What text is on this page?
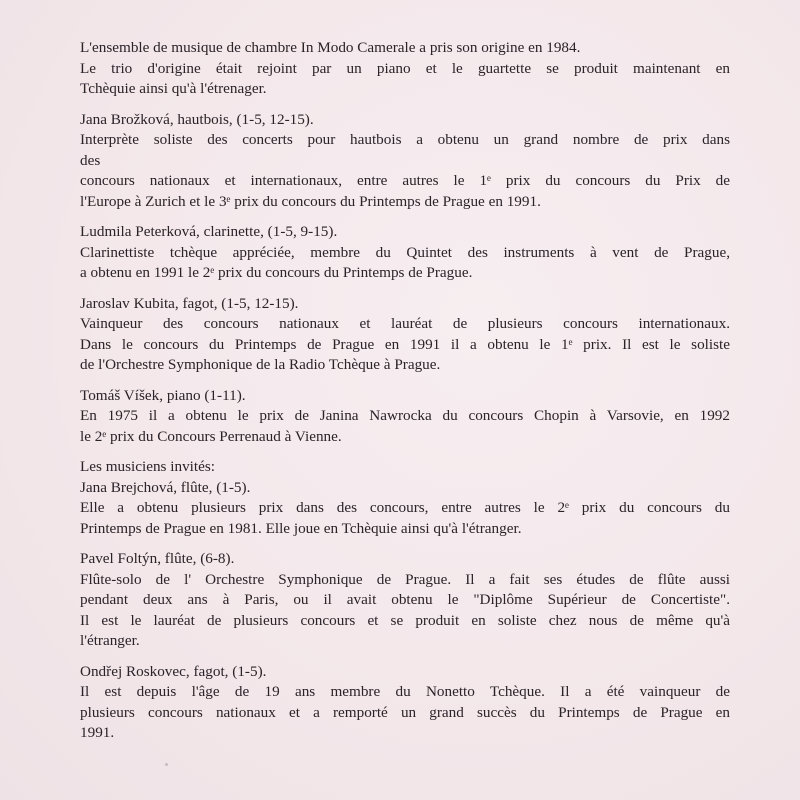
L'ensemble de musique de chambre In Modo Camerale a pris son origine en 1984.
Le trio d'origine était rejoint par un piano et le guartette se produit maintenant en
Tchèquie ainsi qu'à l'étrenager.
Jana Brožková, hautbois, (1-5, 12-15).
Interprète soliste des concerts pour hautbois a obtenu un grand nombre de prix dans
des
concours nationaux et internationaux, entre autres le 1ᵉ prix du concours du Prix de
l'Europe à Zurich et le 3ᵉ prix du concours du Printemps de Prague en 1991.
Ludmila Peterková, clarinette, (1-5, 9-15).
Clarinettiste tchèque appréciée, membre du Quintet des instruments à vent de Prague,
a obtenu en 1991 le 2ᵉ prix du concours du Printemps de Prague.
Jaroslav Kubita, fagot, (1-5, 12-15).
Vainqueur des concours nationaux et lauréat de plusieurs concours internationaux.
Dans le concours du Printemps de Prague en 1991 il a obtenu le 1ᵉ prix. Il est le soliste
de l'Orchestre Symphonique de la Radio Tchèque à Prague.
Tomáš Víšek, piano (1-11).
En 1975 il a obtenu le prix de Janina Nawrocka du concours Chopin à Varsovie, en 1992
le 2ᵉ prix du Concours Perrenaud à Vienne.
Les musiciens invités:
Jana Brejchová, flûte, (1-5).
Elle a obtenu plusieurs prix dans des concours, entre autres le 2ᵉ prix du concours du
Printemps de Prague en 1981. Elle joue en Tchèquie ainsi qu'à l'étranger.
Pavel Foltýn, flûte, (6-8).
Flûte-solo de l' Orchestre Symphonique de Prague. Il a fait ses études de flûte aussi
pendant deux ans à Paris, ou il avait obtenu le "Diplôme Supérieur de Concertiste".
Il est le lauréat de plusieurs concours et se produit en soliste chez nous de même qu'à
l'étranger.
Ondřej Roskovec, fagot, (1-5).
Il est depuis l'âge de 19 ans membre du Nonetto Tchèque. Il a été vainqueur de
plusieurs concours nationaux et a remporté un grand succès du Printemps de Prague en
1991.
